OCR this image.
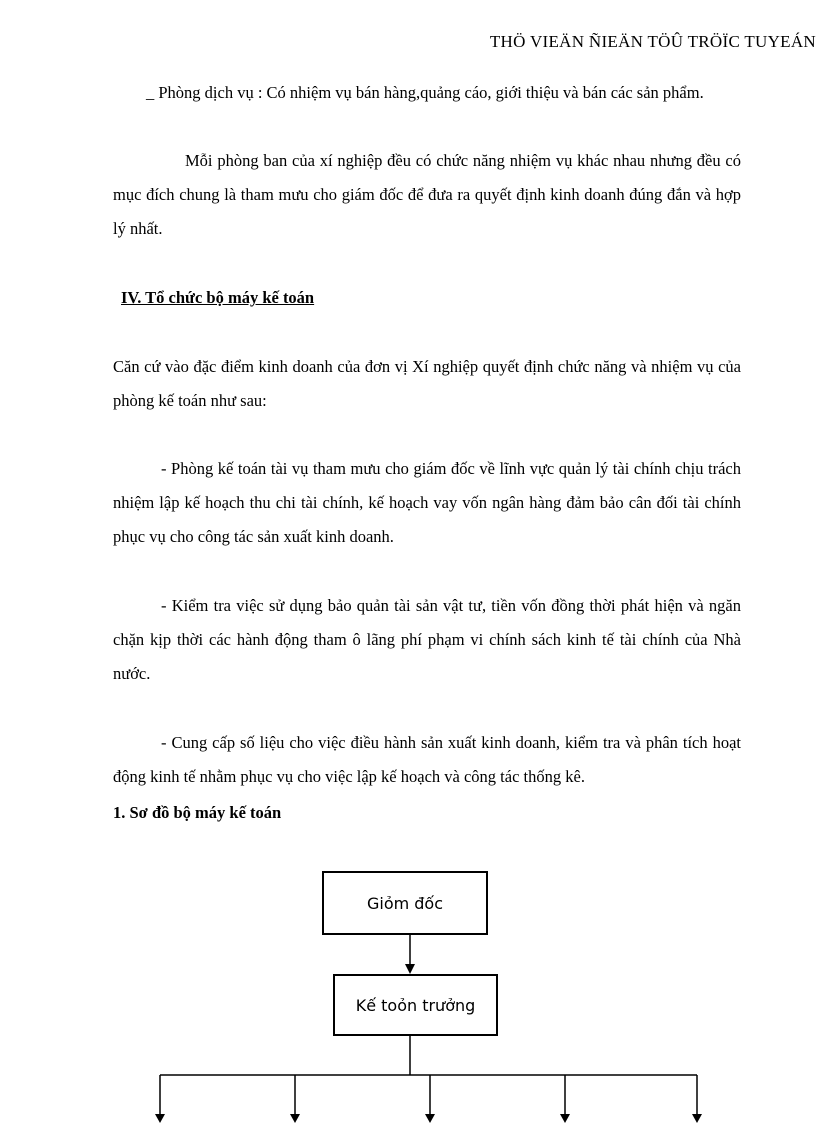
THÖ VIEÄN ÑIEÄN TÖÛ TRÖÏC TUYEÁN

_ Phòng dịch vụ : Có nhiệm vụ bán hàng,quảng cáo, giới thiệu và bán các sản phẩm.

Mỗi phòng ban của xí nghiệp đều có chức năng nhiệm vụ khác nhau nhưng đều có mục đích chung là tham mưu cho giám đốc để đưa ra quyết định kinh doanh đúng đắn và hợp lý nhất.

IV. Tổ chức bộ máy kế toán

Căn cứ vào đặc điểm kinh doanh của đơn vị Xí nghiệp quyết định chức năng và nhiệm vụ của phòng kế toán như sau:

- Phòng kế toán tài vụ tham mưu cho giám đốc về lĩnh vực quản lý tài chính chịu trách nhiệm lập kế hoạch thu chi tài chính, kế hoạch vay vốn ngân hàng đảm bảo cân đối tài chính phục vụ cho công tác sản xuất kinh doanh.

- Kiểm tra việc sử dụng bảo quản tài sản vật tư, tiền vốn đồng thời phát hiện và ngăn chặn kịp thời các hành động tham ô lãng phí phạm vi chính sách kinh tế tài chính của Nhà nước.

- Cung cấp số liệu cho việc điều hành sản xuất kinh doanh, kiểm tra và phân tích hoạt động kinh tế nhằm phục vụ cho việc lập kế hoạch và công tác thống kê.

1. Sơ đồ bộ máy kế toán
Giỏm đốc
Kế toỏn trưởng
